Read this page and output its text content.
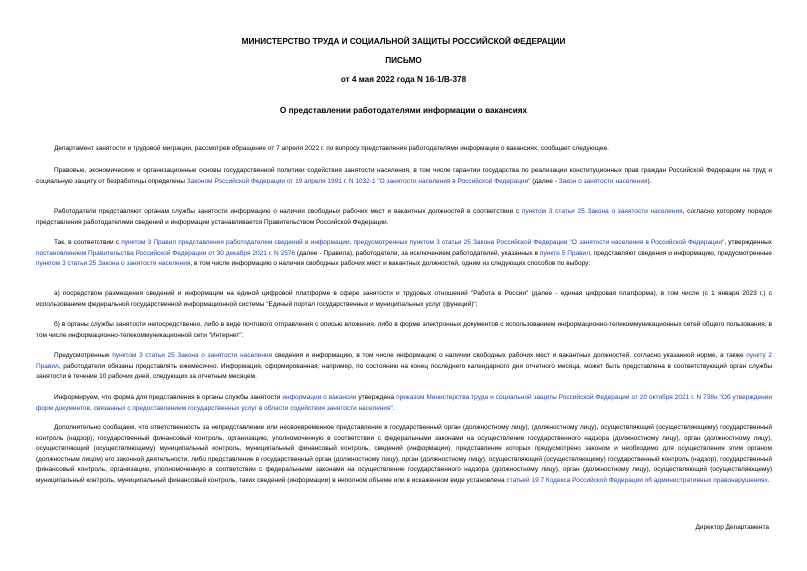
МИНИСТЕРСТВО ТРУДА И СОЦИАЛЬНОЙ ЗАЩИТЫ РОССИЙСКОЙ ФЕДЕРАЦИИ
ПИСЬМО
от 4 мая 2022 года N 16-1/В-378
О представлении работодателями информации о вакансиях
Департамент занятости и трудовой миграции, рассмотрев обращение от 7 апреля 2022 г. по вопросу представления работодателями информации о вакансиях, сообщает следующее.
Правовые, экономические и организационные основы государственной политики содействия занятости населения, в том числе гарантии государства по реализации конституционных прав граждан Российской Федерации на труд и социальную защиту от безработицы определены Законом Российской Федерации от 19 апреля 1991 г. N 1032-1 "О занятости населения в Российской Федерации" (далее - Закон о занятости населения).
Работодатели представляют органам службы занятости информацию о наличии свободных рабочих мест и вакантных должностей в соответствии с пунктом 3 статьи 25 Закона о занятости населения, согласно которому порядок представления работодателями сведений и информации устанавливается Правительством Российской Федерации.
Так, в соответствии с пунктом 3 Правил представления работодателем сведений и информации, предусмотренных пунктом 3 статьи 25 Закона Российской Федерации "О занятости населения в Российской Федерации", утвержденных постановлением Правительства Российской Федерации от 30 декабря 2021 г. N 2576 (далее - Правила), работодатели, за исключением работодателей, указанных в пункте 5 Правил, представляют сведения и информацию, предусмотренные пунктом 3 статьи 25 Закона о занятости населения, в том числе информацию о наличии свободных рабочих мест и вакантных должностей, одним из следующих способов по выбору:
а) посредством размещения сведений и информации на единой цифровой платформе в сфере занятости и трудовых отношений "Работа в России" (далее - единая цифровая платформа), в том числе (с 1 января 2023 г.) с использованием федеральной государственной информационной системы "Единый портал государственных и муниципальных услуг (функций)";
б) в органы службы занятости непосредственно, либо в виде почтового отправления с описью вложения, либо в форме электронных документов с использованием информационно-телекоммуникационных сетей общего пользования, в том числе информационно-телекоммуникационной сети "Интернет".
Предусмотренные пунктом 3 статьи 25 Закона о занятости населения сведения и информацию, в том числе информацию о наличии свободных рабочих мест и вакантных должностей, согласно указанной норме, а также пункту 2 Правил, работодатели обязаны представлять ежемесячно. Информация, сформированная, например, по состоянию на конец последнего календарного дня отчетного месяца, может быть представлена в соответствующий орган службы занятости в течение 10 рабочих дней, следующих за отчетным месяцем.
Информируем, что форма для представления в органы службы занятости информации о вакансии утверждена приказом Министерства труда и социальной защиты Российской Федерации от 20 октября 2021 г. N 738н "Об утверждении форм документов, связанных с предоставлением государственных услуг в области содействия занятости населения".
Дополнительно сообщаем, что ответственность за непредставление или несвоевременное представление в государственный орган (должностному лицу), (должностному лицу), осуществляющий (осуществляющему) государственный контроль (надзор), государственный финансовый контроль, организацию, уполномоченную в соответствии с федеральными законами на осуществление государственного надзора (должностному лицу), орган (должностному лицу), осуществляющий (осуществляющему) муниципальный контроль, муниципальный финансовый контроль, сведений (информации), представление которых предусмотрено законом и необходимо для осуществления этим органом (должностным лицом) его законной деятельности, либо представление в государственный орган (должностному лицу), орган (должностному лицу), осуществляющий (осуществляющему) государственный контроль (надзор), государственный финансовый контроль, организацию, уполномоченную в соответствии с федеральными законами на осуществление государственного надзора (должностному лицу), орган (должностному лицу), осуществляющий (осуществляющему) муниципальный контроль, муниципальный финансовый контроль, таких сведений (информации) в неполном объеме или в искаженном виде установлена статьей 19.7 Кодекса Российской Федерации об административных правонарушениях.
Директор Департамента
